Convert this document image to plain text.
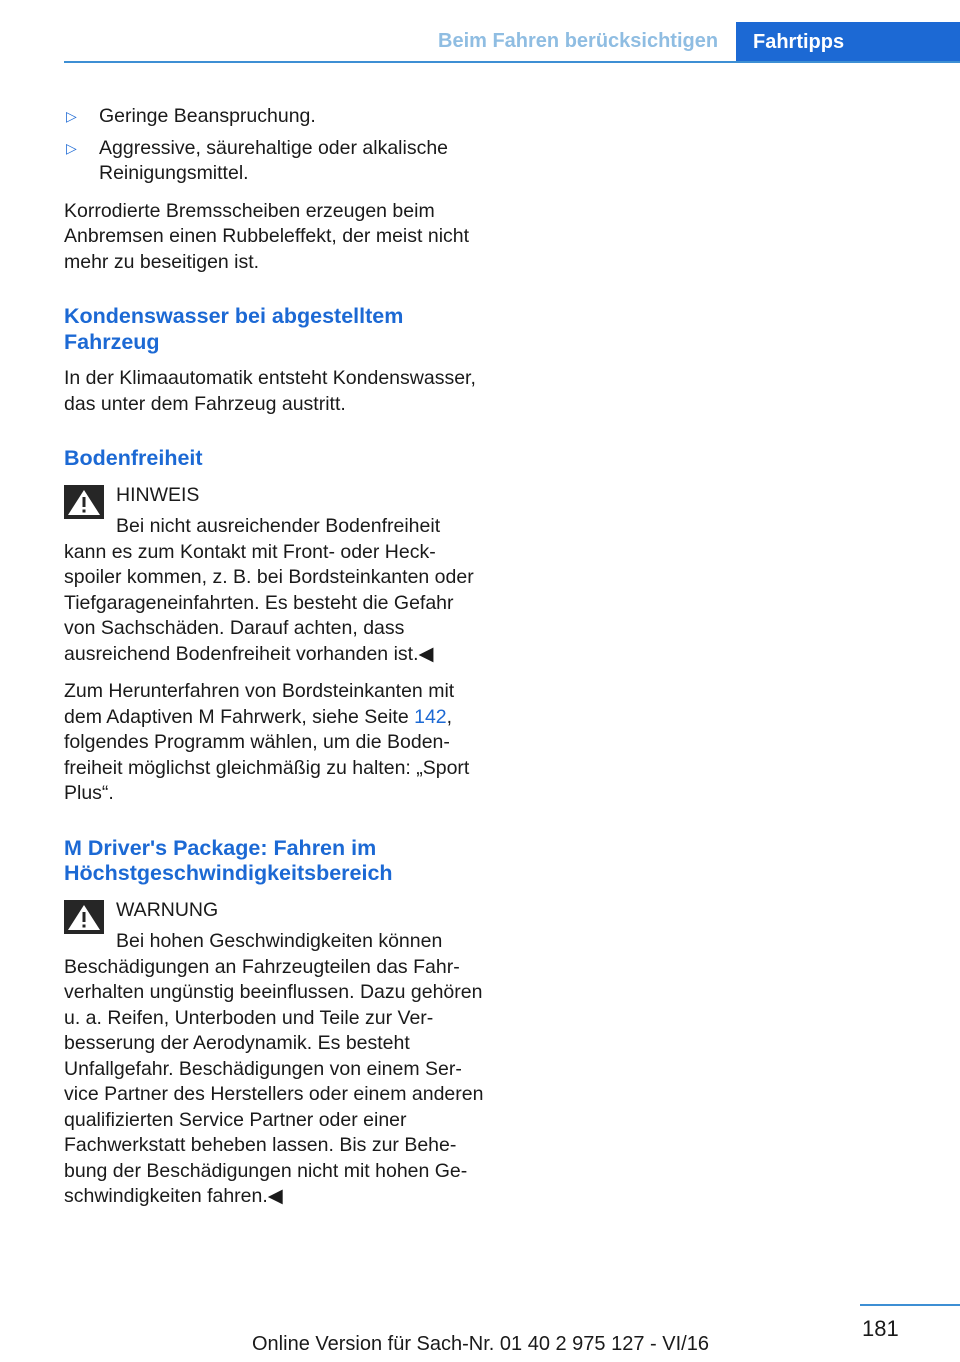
Beim Fahren berücksichtigen Fahrtipps
▷ Geringe Beanspruchung.
▷ Aggressive, säurehaltige oder alkalische Reinigungsmittel.

Korrodierte Bremsscheiben erzeugen beim Anbremsen einen Rubbeleffekt, der meist nicht mehr zu beseitigen ist.

Kondenswasser bei abgestelltem Fahrzeug

In der Klimaautomatik entsteht Kondenswasser, das unter dem Fahrzeug austritt.

Bodenfreiheit
HINWEIS
Bei nicht ausreichender Bodenfreiheit kann es zum Kontakt mit Front- oder Heckspoiler kommen, z. B. bei Bordsteinkanten oder Tiefgarageneinfahrten. Es besteht die Gefahr von Sachschäden. Darauf achten, dass ausreichend Bodenfreiheit vorhanden ist.◀

Zum Herunterfahren von Bordsteinkanten mit dem Adaptiven M Fahrwerk, siehe Seite 142, folgendes Programm wählen, um die Bodenfreiheit möglichst gleichmäßig zu halten: „Sport Plus“.

M Driver's Package: Fahren im Höchstgeschwindigkeitsbereich
WARNUNG
Bei hohen Geschwindigkeiten können Beschädigungen an Fahrzeugteilen das Fahrverhalten ungünstig beeinflussen. Dazu gehören u. a. Reifen, Unterboden und Teile zur Verbesserung der Aerodynamik. Es besteht Unfallgefahr. Beschädigungen von einem Service Partner des Herstellers oder einem anderen qualifizierten Service Partner oder einer Fachwerkstatt beheben lassen. Bis zur Behebung der Beschädigungen nicht mit hohen Geschwindigkeiten fahren.◀
181
Online Version für Sach-Nr. 01 40 2 975 127 - VI/16
